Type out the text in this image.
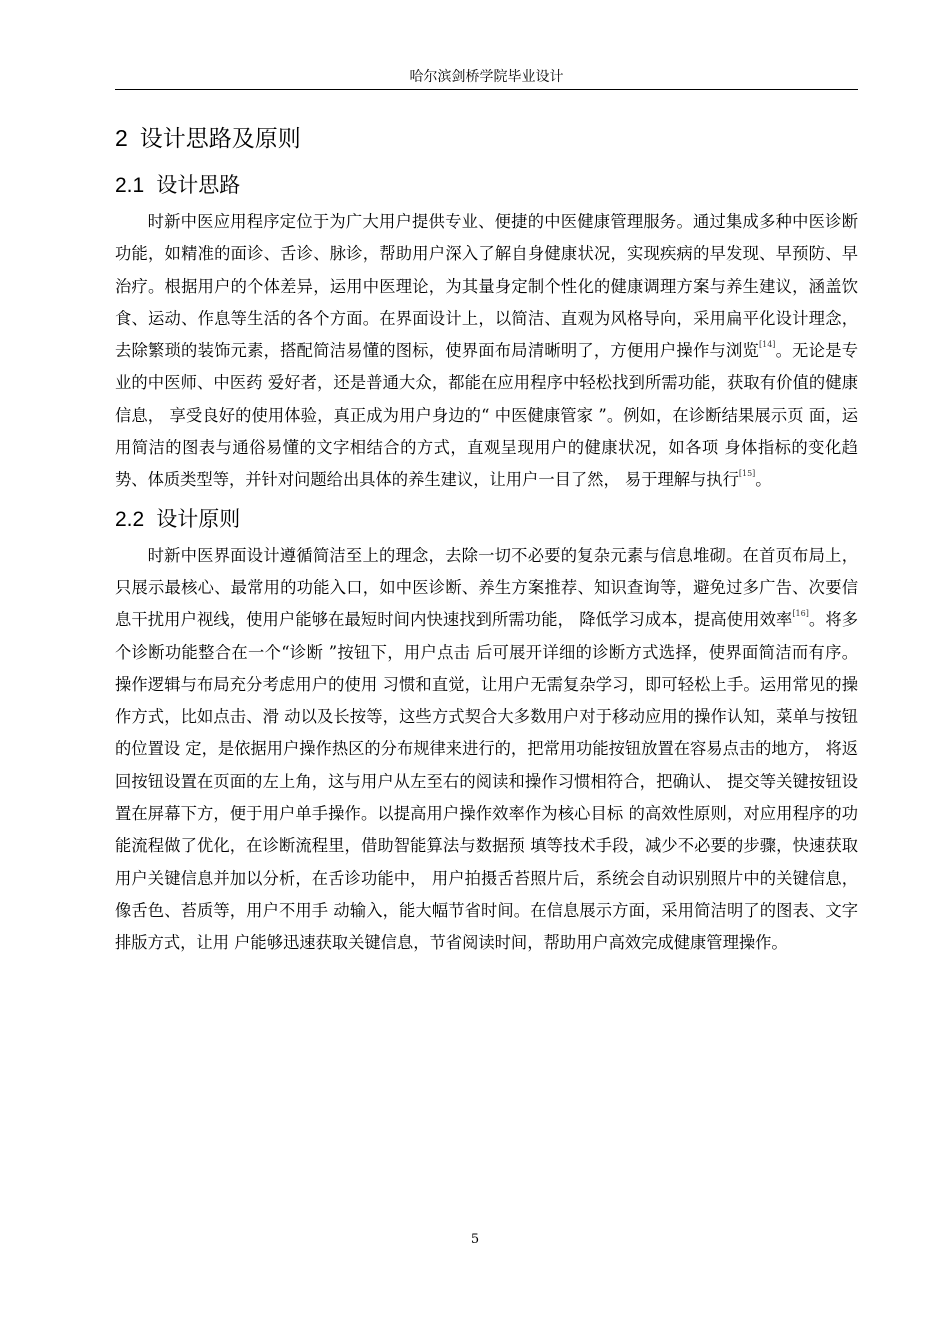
哈尔滨剑桥学院毕业设计
2 设计思路及原则
2.1 设计思路

时新中医应用程序定位于为广大用户提供专业、便捷的中医健康管理服务。通过集成多种中医诊断功能，如精准的面诊、舌诊、脉诊，帮助用户深入了解自身健康状况，实现疾病的早发现、早预防、早治疗。根据用户的个体差异，运用中医理论，为其量身定制个性化的健康调理方案与养生建议，涵盖饮食、运动、作息等生活的各个方面。在界面设计上，以简洁、直观为风格导向，采用扁平化设计理念，去除繁琐的装饰元素，搭配简洁易懂的图标，使界面布局清晰明了，方便用户操作与浏览[14]。无论是专业的中医师、中医药 爱好者，还是普通大众，都能在应用程序中轻松找到所需功能，获取有价值的健康信息， 享受良好的使用体验，真正成为用户身边的“ 中医健康管家 ”。例如，在诊断结果展示页 面，运用简洁的图表与通俗易懂的文字相结合的方式，直观呈现用户的健康状况，如各项 身体指标的变化趋势、体质类型等，并针对问题给出具体的养生建议，让用户一目了然， 易于理解与执行[15]。

2.2 设计原则

时新中医界面设计遵循简洁至上的理念，去除一切不必要的复杂元素与信息堆砌。在首页布局上，只展示最核心、最常用的功能入口，如中医诊断、养生方案推荐、知识查询等，避免过多广告、次要信息干扰用户视线，使用户能够在最短时间内快速找到所需功能， 降低学习成本，提高使用效率[16]。将多个诊断功能整合在一个“诊断 ”按钮下，用户点击 后可展开详细的诊断方式选择，使界面简洁而有序。操作逻辑与布局充分考虑用户的使用 习惯和直觉，让用户无需复杂学习，即可轻松上手。运用常见的操作方式，比如点击、滑 动以及长按等，这些方式契合大多数用户对于移动应用的操作认知，菜单与按钮的位置设 定，是依据用户操作热区的分布规律来进行的，把常用功能按钮放置在容易点击的地方， 将返回按钮设置在页面的左上角，这与用户从左至右的阅读和操作习惯相符合，把确认、 提交等关键按钮设置在屏幕下方，便于用户单手操作。以提高用户操作效率作为核心目标 的高效性原则，对应用程序的功能流程做了优化，在诊断流程里，借助智能算法与数据预 填等技术手段，减少不必要的步骤，快速获取用户关键信息并加以分析，在舌诊功能中， 用户拍摄舌苔照片后，系统会自动识别照片中的关键信息，像舌色、苔质等，用户不用手 动输入，能大幅节省时间。在信息展示方面，采用简洁明了的图表、文字排版方式，让用 户能够迅速获取关键信息，节省阅读时间，帮助用户高效完成健康管理操作。

5
